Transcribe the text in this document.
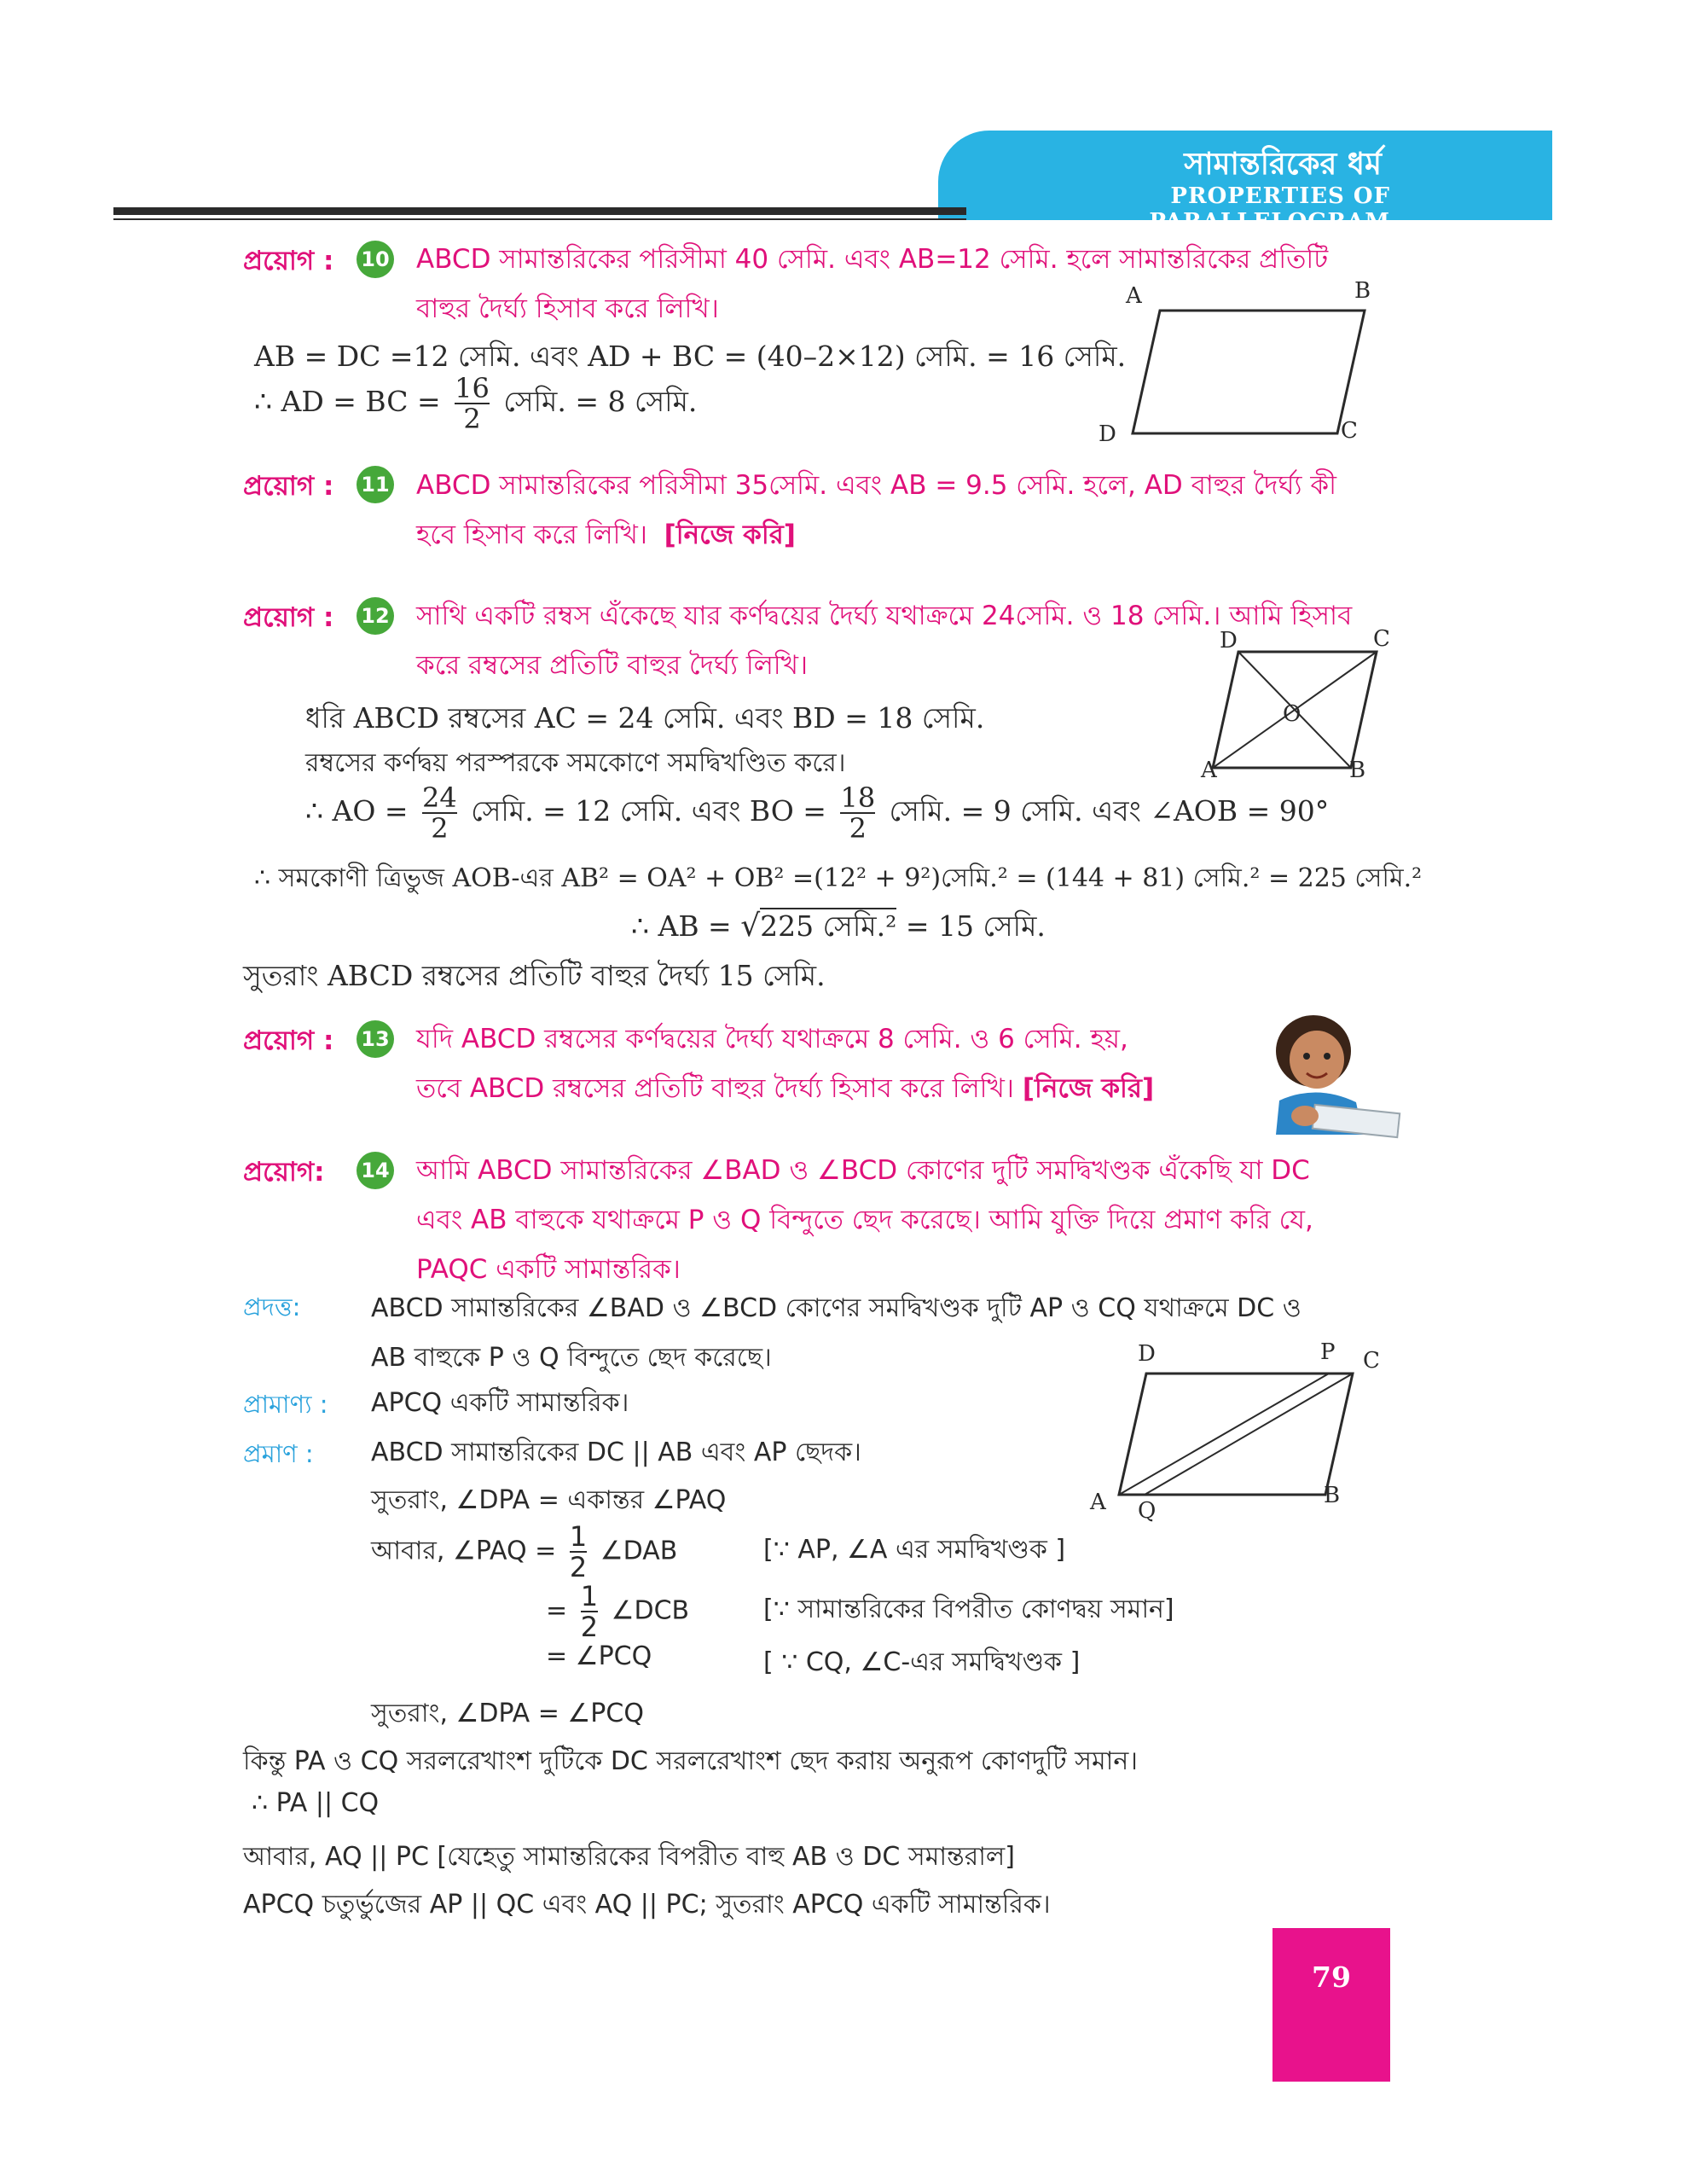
সামান্তরিকের ধর্ম
PROPERTIES OF PARALLELOGRAM
প্রয়োগ : 10 ABCD সামান্তরিকের পরিসীমা 40 সেমি. এবং AB=12 সেমি. হলে সামান্তরিকের প্রতিটি
বাহুর দৈর্ঘ্য হিসাব করে লিখি।
AB = DC =12 সেমি. এবং AD + BC = (40–2×12) সেমি. = 16 সেমি.
∴ AD = BC = $\frac{16}{2}$ সেমি. = 8 সেমি.
A	B
C
D
প্রয়োগ : 11 ABCD সামান্তরিকের পরিসীমা 35সেমি. এবং AB = 9.5 সেমি. হলে, AD বাহুর দৈর্ঘ্য কী
হবে হিসাব করে লিখি। [নিজে করি]
প্রয়োগ : 12 সাথি একটি রম্বস এঁকেছে যার কর্ণদ্বয়ের দৈর্ঘ্য যথাক্রমে 24সেমি. ও 18 সেমি.। আমি হিসাব
করে রম্বসের প্রতিটি বাহুর দৈর্ঘ্য লিখি।
D	C
O
A	B
ধরি ABCD রম্বসের AC = 24 সেমি. এবং BD = 18 সেমি.
রম্বসের কর্ণদ্বয় পরস্পরকে সমকোণে সমদ্বিখণ্ডিত করে।
∴ AO = $\frac{24}{2}$ সেমি. = 12 সেমি. এবং BO = $\frac{18}{2}$ সেমি. = 9 সেমি. এবং ∠AOB = 90°
∴ সমকোণী ত্রিভুজ AOB-এর AB² = OA² + OB² =(12² + 9²)সেমি.² = (144 + 81) সেমি.² = 225 সেমি.²
∴ AB = √225 সেমি.² = 15 সেমি.
সুতরাং ABCD রম্বসের প্রতিটি বাহুর দৈর্ঘ্য 15 সেমি.
প্রয়োগ : 13 যদি ABCD রম্বসের কর্ণদ্বয়ের দৈর্ঘ্য যথাক্রমে 8 সেমি. ও 6 সেমি. হয়,
তবে ABCD রম্বসের প্রতিটি বাহুর দৈর্ঘ্য হিসাব করে লিখি। [নিজে করি]
প্রয়োগ: 14 আমি ABCD সামান্তরিকের ∠BAD ও ∠BCD কোণের দুটি সমদ্বিখণ্ডক এঁকেছি যা DC
এবং AB বাহুকে যথাক্রমে P ও Q বিন্দুতে ছেদ করেছে। আমি যুক্তি দিয়ে প্রমাণ করি যে,
PAQC একটি সামান্তরিক।
প্রদত্ত:	ABCD সামান্তরিকের ∠BAD ও ∠BCD কোণের সমদ্বিখণ্ডক দুটি AP ও CQ যথাক্রমে DC ও
AB বাহুকে P ও Q বিন্দুতে ছেদ করেছে।
প্রামাণ্য : APCQ একটি সামান্তরিক।
প্রমাণ : ABCD সামান্তরিকের DC || AB এবং AP ছেদক।
সুতরাং, ∠DPA = একান্তর ∠PAQ
আবার, ∠PAQ = $\frac{1}{2}$ ∠DAB	[∵ AP, ∠A এর সমদ্বিখণ্ডক ]
= $\frac{1}{2}$ ∠DCB	[∵ সামান্তরিকের বিপরীত কোণদ্বয় সমান]
= ∠PCQ	[ ∵ CQ, ∠C-এর সমদ্বিখণ্ডক ]
সুতরাং, ∠DPA = ∠PCQ
কিন্তু PA ও CQ সরলরেখাংশ দুটিকে DC সরলরেখাংশ ছেদ করায় অনুরূপ কোণদুটি সমান।
∴ PA || CQ
আবার, AQ || PC [যেহেতু সামান্তরিকের বিপরীত বাহু AB ও DC সমান্তরাল]
APCQ চতুর্ভুজের AP || QC এবং AQ || PC; সুতরাং APCQ একটি সামান্তরিক।
D	P C
A Q
B
79
